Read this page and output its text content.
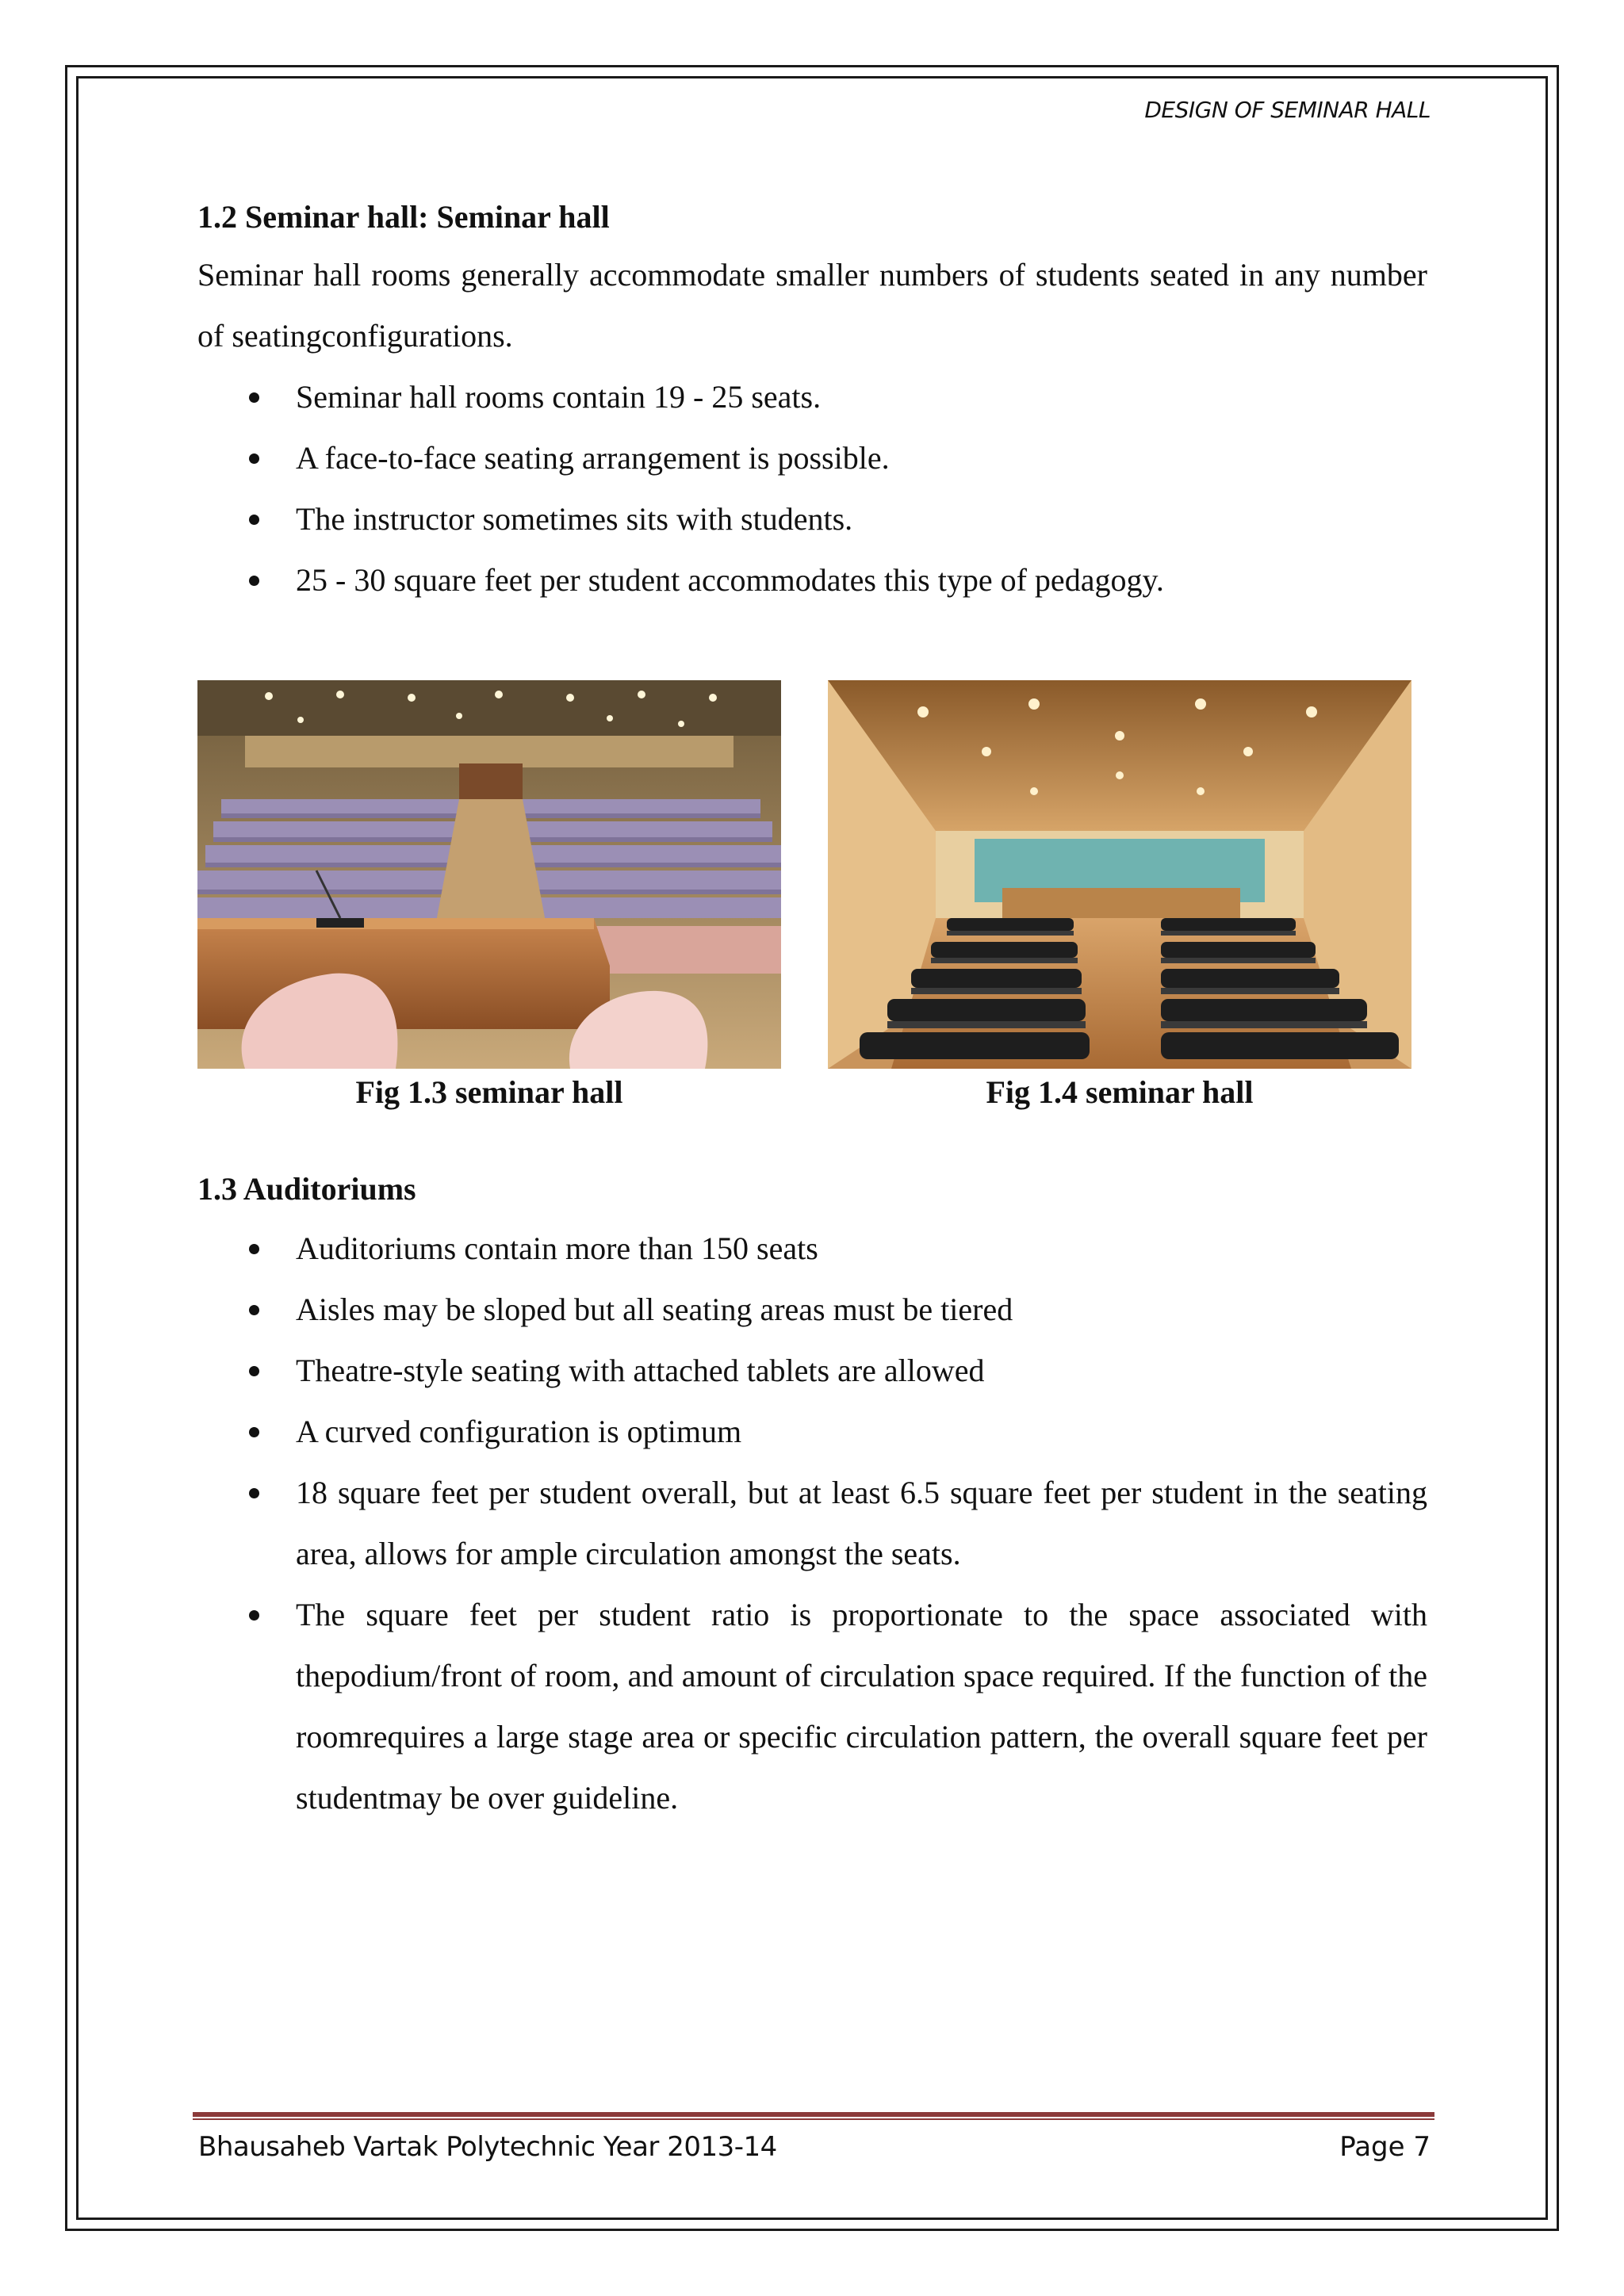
DESIGN OF SEMINAR HALL
1.2 Seminar hall: Seminar hall

Seminar hall rooms generally accommodate smaller numbers of students seated in any number of seatingconfigurations.

Seminar hall rooms contain 19 - 25 seats.
A face-to-face seating arrangement is possible.
The instructor sometimes sits with students.
25 - 30 square feet per student accommodates this type of pedagogy.
Fig 1.3 seminar hall	Fig 1.4 seminar hall
1.3 Auditoriums
Auditoriums contain more than 150 seats
Aisles may be sloped but all seating areas must be tiered
Theatre-style seating with attached tablets are allowed
A curved configuration is optimum
18 square feet per student overall, but at least 6.5 square feet per student in the seating area, allows for ample circulation amongst the seats.
The square feet per student ratio is proportionate to the space associated with thepodium/front of room, and amount of circulation space required. If the function of the roomrequires a large stage area or specific circulation pattern, the overall square feet per studentmay be over guideline.
Bhausaheb Vartak Polytechnic Year 2013-14	Page 7
